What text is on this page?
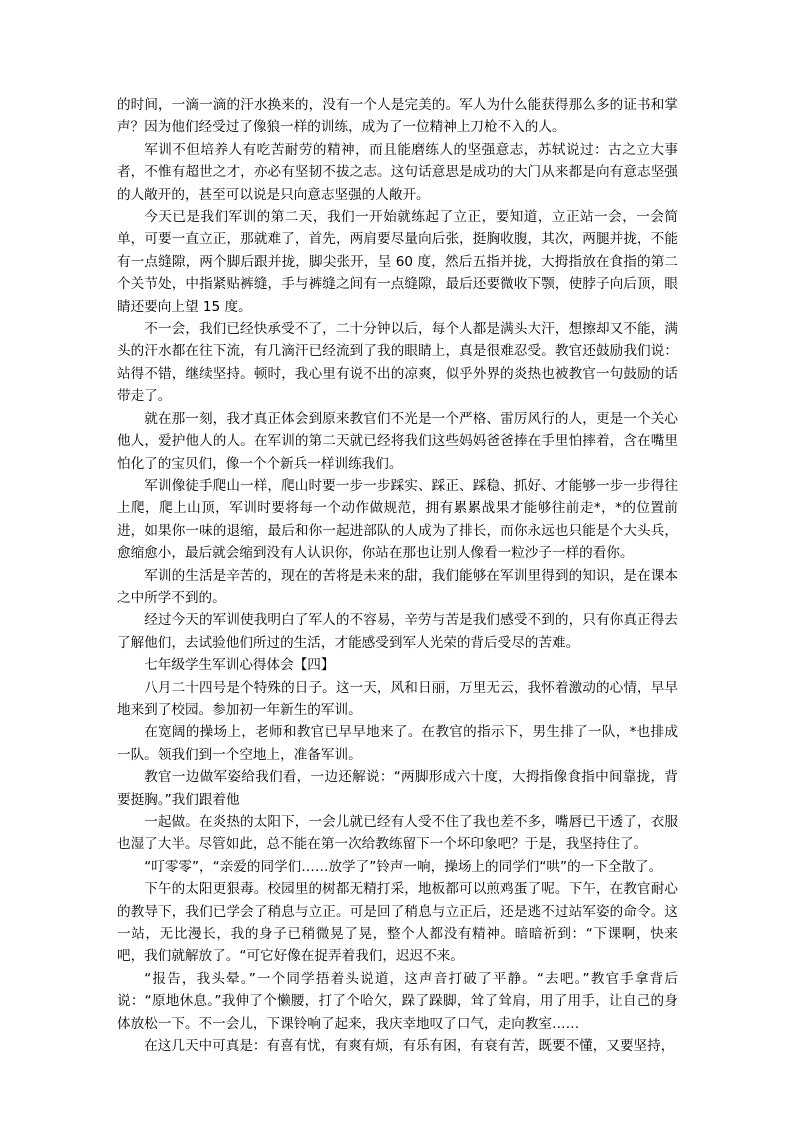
的时间，一滴一滴的汗水换来的，没有一个人是完美的。军人为什么能获得那么多的证书和掌声？因为他们经受过了像狼一样的训练，成为了一位精神上刀枪不入的人。

军训不但培养人有吃苦耐劳的精神，而且能磨练人的坚强意志，苏轼说过：古之立大事者，不惟有超世之才，亦必有坚韧不拔之志。这句话意思是成功的大门从来都是向有意志坚强的人敞开的，甚至可以说是只向意志坚强的人敞开。

今天已是我们军训的第二天，我们一开始就练起了立正，要知道，立正站一会，一会简单，可要一直立正，那就难了，首先，两肩要尽量向后张，挺胸收腹，其次，两腿并拢，不能有一点缝隙，两个脚后跟并拢，脚尖张开，呈 60 度，然后五指并拢，大拇指放在食指的第二个关节处，中指紧贴裤缝，手与裤缝之间有一点缝隙，最后还要微收下颚，使脖子向后顶，眼睛还要向上望 15 度。

不一会，我们已经快承受不了，二十分钟以后，每个人都是满头大汗，想擦却又不能，满头的汗水都在往下流，有几滴汗已经流到了我的眼睛上，真是很难忍受。教官还鼓励我们说：站得不错，继续坚持。顿时，我心里有说不出的凉爽，似乎外界的炎热也被教官一句鼓励的话带走了。

就在那一刻，我才真正体会到原来教官们不光是一个严格、雷厉风行的人，更是一个关心他人，爱护他人的人。在军训的第二天就已经将我们这些妈妈爸爸捧在手里怕摔着，含在嘴里怕化了的宝贝们，像一个个新兵一样训练我们。

军训像徒手爬山一样，爬山时要一步一步踩实、踩正、踩稳、抓好、才能够一步一步得往上爬，爬上山顶，军训时要将每一个动作做规范，拥有累累战果才能够往前走*，*的位置前进，如果你一味的退缩，最后和你一起进部队的人成为了排长，而你永远也只能是个大头兵，愈缩愈小，最后就会缩到没有人认识你，你站在那也让别人像看一粒沙子一样的看你。

军训的生活是辛苦的，现在的苦将是未来的甜，我们能够在军训里得到的知识，是在课本之中所学不到的。

经过今天的军训使我明白了军人的不容易，辛劳与苦是我们感受不到的，只有你真正得去了解他们，去试验他们所过的生活，才能感受到军人光荣的背后受尽的苦难。

七年级学生军训心得体会【四】

八月二十四号是个特殊的日子。这一天，风和日丽，万里无云，我怀着激动的心情，早早地来到了校园。参加初一年新生的军训。

在宽阔的操场上，老师和教官已早早地来了。在教官的指示下，男生排了一队，*也排成一队。领我们到一个空地上，准备军训。

教官一边做军姿给我们看，一边还解说：“两脚形成六十度，大拇指像食指中间靠拢，背要挺胸。”我们跟着他

一起做。在炎热的太阳下，一会儿就已经有人受不住了我也差不多，嘴唇已干透了，衣服也湿了大半。尽管如此，总不能在第一次给教练留下一个坏印象吧？于是，我坚持住了。

“叮零零”，“亲爱的同学们……放学了”铃声一响，操场上的同学们“哄”的一下全散了。

下午的太阳更狠毒。校园里的树都无精打采，地板都可以煎鸡蛋了呢。下午，在教官耐心的教导下，我们已学会了稍息与立正。可是回了稍息与立正后，还是逃不过站军姿的命令。这一站，无比漫长，我的身子已稍微晃了晃，整个人都没有精神。暗暗祈到：“下课啊，快来吧，我们就解放了。“可它好像在捉弄着我们，迟迟不来。

“报告，我头晕。”一个同学捂着头说道，这声音打破了平静。“去吧。”教官手拿背后说：“原地休息。”我伸了个懒腰，打了个哈欠，跺了跺脚，耸了耸肩，用了用手，让自己的身体放松一下。不一会儿，下课铃响了起来，我庆幸地叹了口气，走向教室……

在这几天中可真是：有喜有忧，有爽有烦，有乐有困，有衰有苦，既要不懂，又要坚持，
